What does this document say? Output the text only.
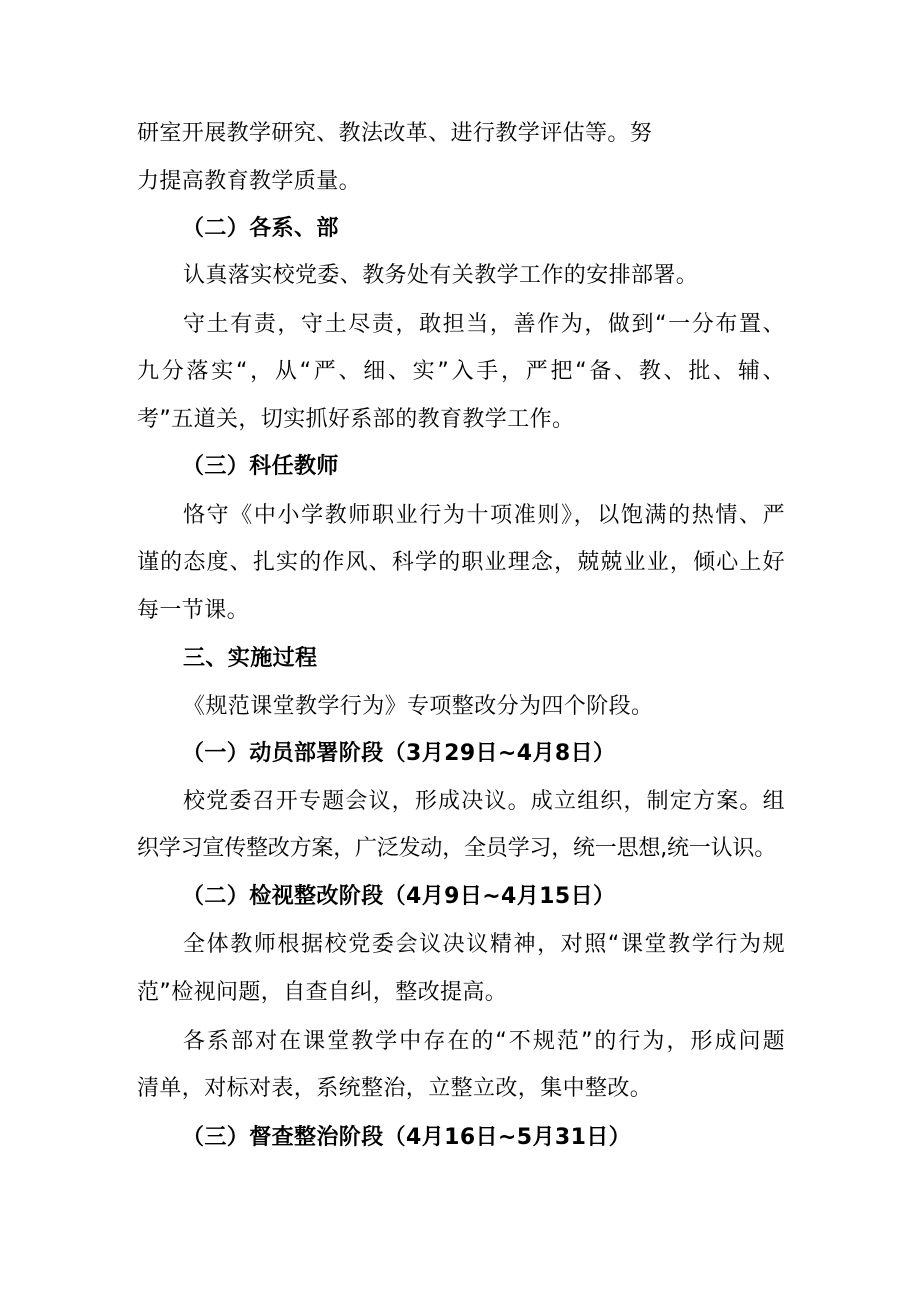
研室开展教学研究、教法改革、进行教学评估等。努
力提高教育教学质量。
（二）各系、部
认真落实校党委、教务处有关教学工作的安排部署。
守土有责，守土尽责，敢担当，善作为，做到“一分布置、
九分落实“，从“严、细、实”入手，严把“备、教、批、辅、
考”五道关，切实抓好系部的教育教学工作。
（三）科任教师
恪守《中小学教师职业行为十项准则》，以饱满的热情、严
谨的态度、扎实的作风、科学的职业理念，兢兢业业，倾心上好
每一节课。
三、实施过程
《规范课堂教学行为》专项整改分为四个阶段。
（一）动员部署阶段（3月29日~4月8日）
校党委召开专题会议，形成决议。成立组织，制定方案。组
织学习宣传整改方案，广泛发动，全员学习，统一思想,统一认识。
（二）检视整改阶段（4月9日~4月15日）
全体教师根据校党委会议决议精神，对照“课堂教学行为规
范”检视问题，自查自纠，整改提高。
各系部对在课堂教学中存在的“不规范”的行为，形成问题
清单，对标对表，系统整治，立整立改，集中整改。
（三）督查整治阶段（4月16日~5月31日）
